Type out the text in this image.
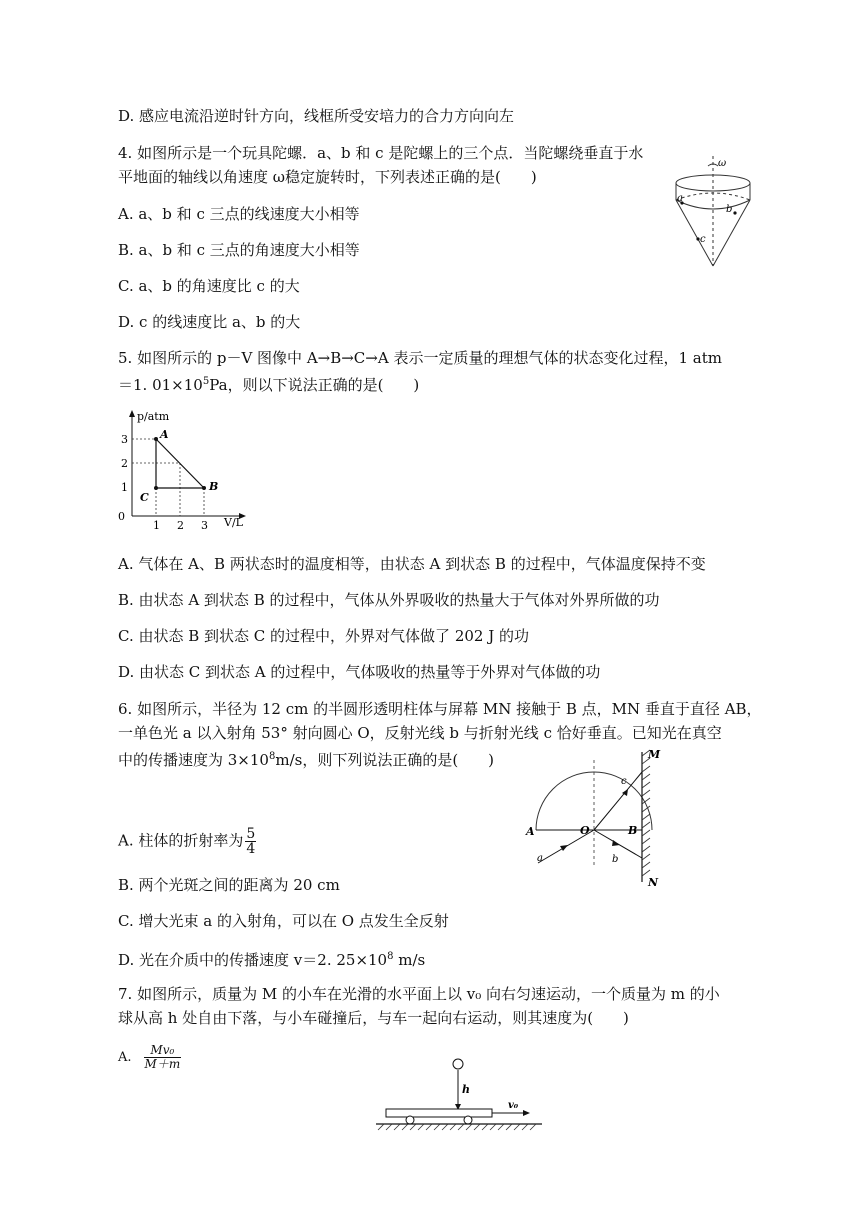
D. 感应电流沿逆时针方向，线框所受安培力的合力方向向左
4. 如图所示是一个玩具陀螺．a、b 和 c 是陀螺上的三个点．当陀螺绕垂直于水
平地面的轴线以角速度 ω稳定旋转时，下列表述正确的是(　　)
A. a、b 和 c 三点的线速度大小相等
B. a、b 和 c 三点的角速度大小相等
C. a、b 的角速度比 c 的大
D. c 的线速度比 a、b 的大
ω
a
b
c
5. 如图所示的 p－V 图像中 A→B→C→A 表示一定质量的理想气体的状态变化过程，1 atm
＝1. $01\times 10^5Pa$，则以下说法正确的是(　　)
p/atm
V/L
0
3
2
1
1 2 3
A
B
C
A. 气体在 A、B 两状态时的温度相等，由状态 A 到状态 B 的过程中，气体温度保持不变
B. 由状态 A 到状态 B 的过程中，气体从外界吸收的热量大于气体对外界所做的功
C. 由状态 B 到状态 C 的过程中，外界对气体做了 202 J 的功
D. 由状态 C 到状态 A 的过程中，气体吸收的热量等于外界对气体做的功
6. 如图所示，半径为 12 cm 的半圆形透明柱体与屏幕 MN 接触于 B 点，MN 垂直于直径 AB，
一单色光 a 以入射角 53° 射向圆心 O，反射光线 b 与折射光线 c 恰好垂直。已知光在真空
中的传播速度为 $3\times 10^8m/s$，则下列说法正确的是(　　)
A. 柱体的折射率为 $\frac{5}{4}$
M
N
A	O	B
a	b
c
B. 两个光斑之间的距离为 20 cm
C. 增大光束 a 的入射角，可以在 O 点发生全反射
D. 光在介质中的传播速度 v＝2. $25\times 10^8$ m/s
7. 如图所示，质量为 M 的小车在光滑的水平面上以 v₀ 向右匀速运动，一个质量为 m 的小
球从高 h 处自由下落，与小车碰撞后，与车一起向右运动，则其速度为(　　)
A. $\frac{\text{Mv₀}}{M+m}$
h
v₀
